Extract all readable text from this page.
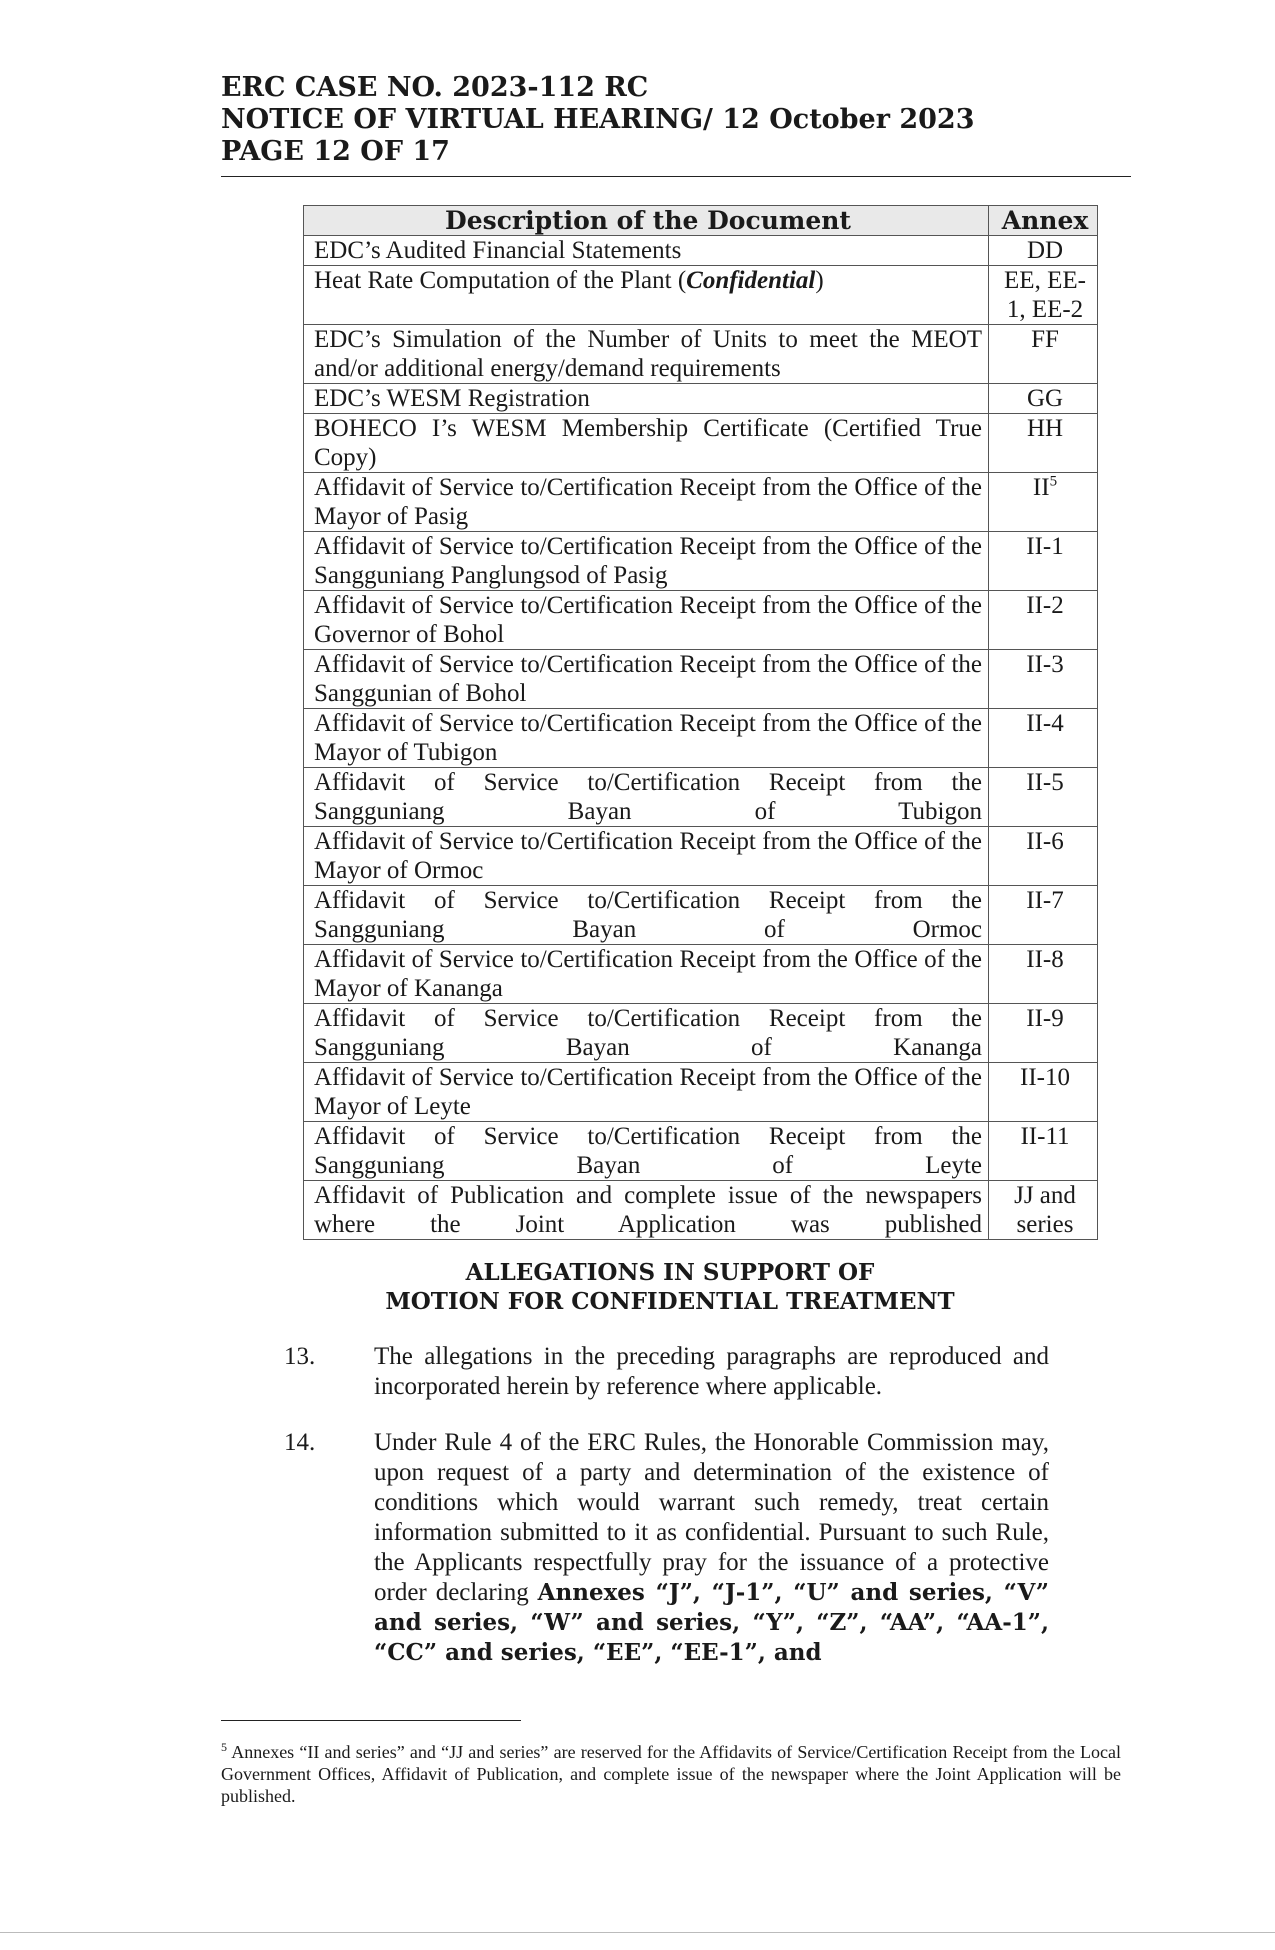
ERC CASE NO. 2023-112 RC
NOTICE OF VIRTUAL HEARING/ 12 October 2023
PAGE 12 OF 17
Description of the Document	Annex
EDC’s Audited Financial Statements	DD
Heat Rate Computation of the Plant (Confidential)	EE, EE-1, EE-2
EDC’s Simulation of the Number of Units to meet the MEOT and/or additional energy/demand requirements	FF
EDC’s WESM Registration	GG
BOHECO I’s WESM Membership Certificate (Certified True Copy)	HH
Affidavit of Service to/Certification Receipt from the Office of the Mayor of Pasig	$II^5$
Affidavit of Service to/Certification Receipt from the Office of the Sangguniang Panglungsod of Pasig	II-1
Affidavit of Service to/Certification Receipt from the Office of the Governor of Bohol	II-2
Affidavit of Service to/Certification Receipt from the Office of the Sanggunian of Bohol	II-3
Affidavit of Service to/Certification Receipt from the Office of the Mayor of Tubigon	II-4
Affidavit of Service to/Certification Receipt from the Sangguniang Bayan of Tubigon	II-5
Affidavit of Service to/Certification Receipt from the Office of the Mayor of Ormoc	II-6
Affidavit of Service to/Certification Receipt from the Sangguniang Bayan of Ormoc	II-7
Affidavit of Service to/Certification Receipt from the Office of the Mayor of Kananga	II-8
Affidavit of Service to/Certification Receipt from the Sangguniang Bayan of Kananga	II-9
Affidavit of Service to/Certification Receipt from the Office of the Mayor of Leyte	II-10
Affidavit of Service to/Certification Receipt from the Sangguniang Bayan of Leyte	II-11
Affidavit of Publication and complete issue of the newspapers where the Joint Application was published	JJ and series
ALLEGATIONS IN SUPPORT OF
MOTION FOR CONFIDENTIAL TREATMENT
13. The allegations in the preceding paragraphs are reproduced and incorporated herein by reference where applicable.
14. Under Rule 4 of the ERC Rules, the Honorable Commission may, upon request of a party and determination of the existence of conditions which would warrant such remedy, treat certain information submitted to it as confidential. Pursuant to such Rule, the Applicants respectfully pray for the issuance of a protective order declaring Annexes “J”, “J-1”, “U” and series, “V” and series, “W” and series, “Y”, “Z”, “AA”, “AA-1”, “CC” and series, “EE”, “EE-1”, and
$^5$ Annexes “II and series” and “JJ and series” are reserved for the Affidavits of Service/Certification Receipt from the Local Government Offices, Affidavit of Publication, and complete issue of the newspaper where the Joint Application will be published.
